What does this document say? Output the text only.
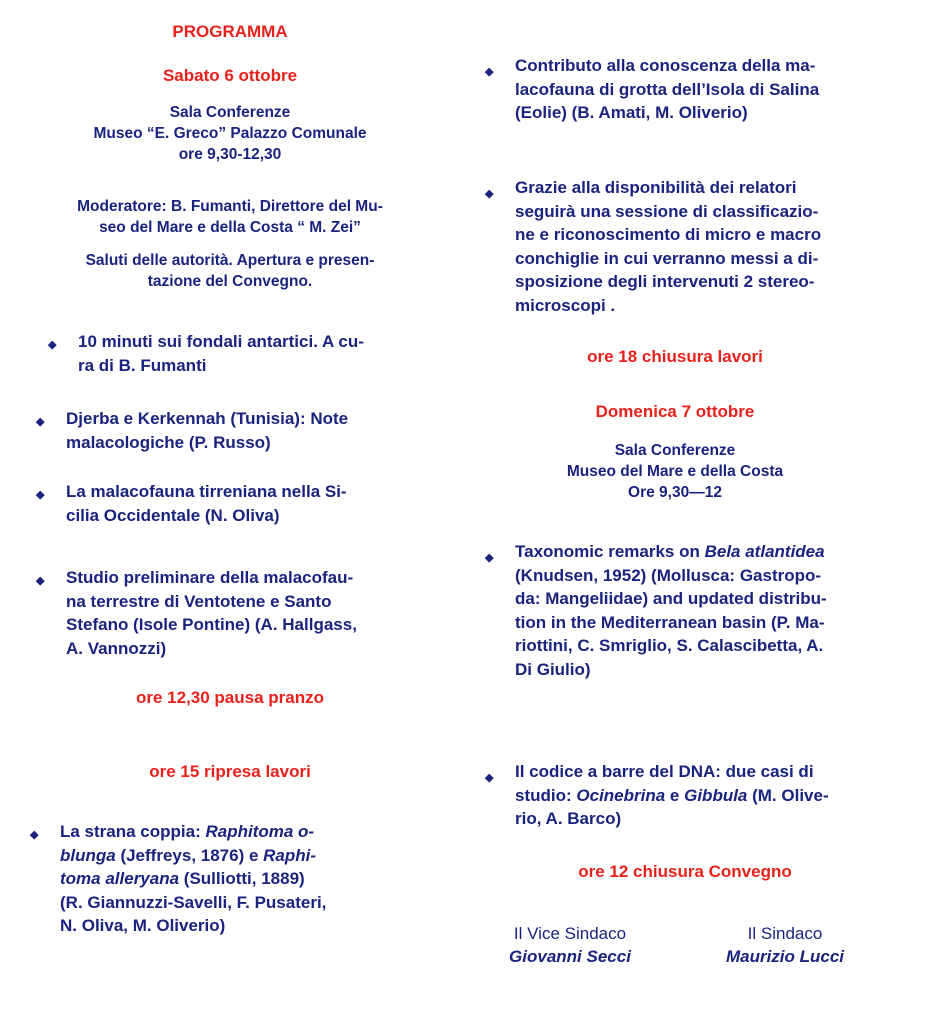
PROGRAMMA
Sabato 6 ottobre
Sala Conferenze
Museo “E. Greco” Palazzo Comunale
ore 9,30-12,30
Moderatore: B. Fumanti, Direttore del Mu-
seo del Mare e della Costa “ M. Zei”
Saluti delle autorità. Apertura e presen-
tazione del Convegno.
◆ 10 minuti sui fondali antartici. A cu-
ra di B. Fumanti
◆ Djerba e Kerkennah (Tunisia): Note
malacologiche (P. Russo)
◆ La malacofauna tirreniana nella Si-
cilia Occidentale (N. Oliva)
◆ Studio preliminare della malacofau-
na terrestre di Ventotene e Santo
Stefano (Isole Pontine) (A. Hallgass,
A. Vannozzi)
ore 12,30 pausa pranzo
ore 15 ripresa lavori
◆ La strana coppia: Raphitoma o-
blunga (Jeffreys, 1876) e Raphi-
toma alleryana (Sulliotti, 1889)
(R. Giannuzzi-Savelli, F. Pusateri,
N. Oliva, M. Oliverio)
◆ Contributo alla conoscenza della ma-
lacofauna di grotta dell’Isola di Salina
(Eolie) (B. Amati, M. Oliverio)
◆ Grazie alla disponibilità dei relatori
seguirà una sessione di classificazio-
ne e riconoscimento di micro e macro
conchiglie in cui verranno messi a di-
sposizione degli intervenuti 2 stereo-
microscopi .
ore 18 chiusura lavori
Domenica 7 ottobre
Sala Conferenze
Museo del Mare e della Costa
Ore 9,30—12
◆ Taxonomic remarks on Bela atlantidea
(Knudsen, 1952) (Mollusca: Gastropo-
da: Mangeliidae) and updated distribu-
tion in the Mediterranean basin (P. Ma-
riottini, C. Smriglio, S. Calascibetta, A.
Di Giulio)
◆ Il codice a barre del DNA: due casi di
studio: Ocinebrina e Gibbula (M. Olive-
rio, A. Barco)
ore 12 chiusura Convegno
Il Vice Sindaco
Giovanni Secci
Il Sindaco
Maurizio Lucci
